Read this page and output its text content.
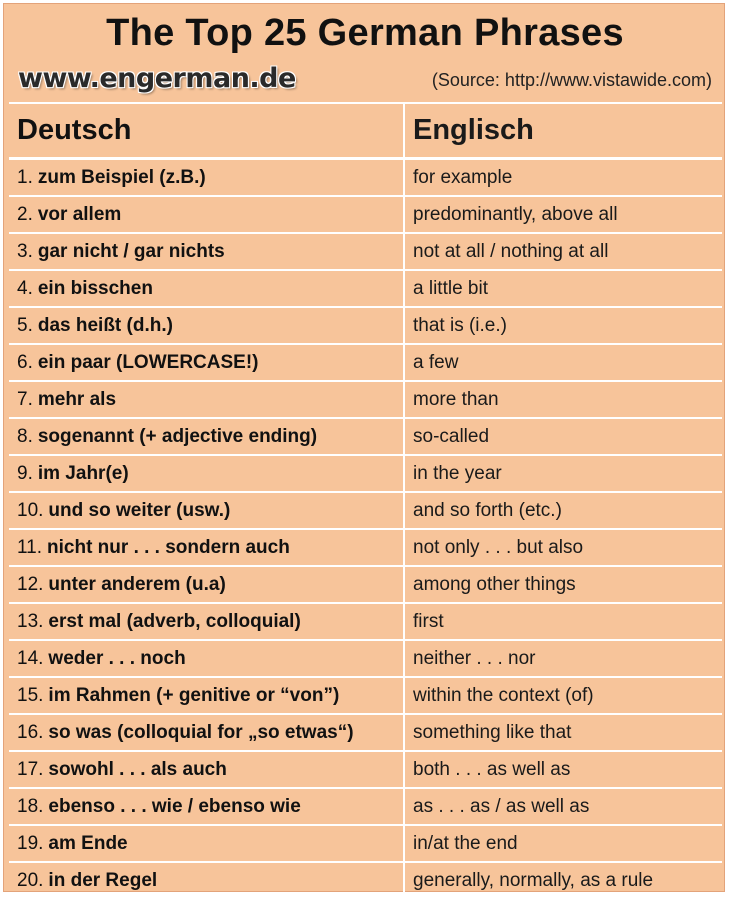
The Top 25 German Phrases
www.engerman.de	(Source: http://www.vistawide.com)
Deutsch	Englisch
1. zum Beispiel (z.B.)	for example
2. vor allem	predominantly, above all
3. gar nicht / gar nichts	not at all / nothing at all
4. ein bisschen	a little bit
5. das heißt (d.h.)	that is (i.e.)
6. ein paar (LOWERCASE!)	a few
7. mehr als	more than
8. sogenannt (+ adjective ending)	so-called
9. im Jahr(e)	in the year
10. und so weiter (usw.)	and so forth (etc.)
11. nicht nur . . . sondern auch	not only . . . but also
12. unter anderem (u.a)	among other things
13. erst mal (adverb, colloquial)	first
14. weder . . . noch	neither . . . nor
15. im Rahmen (+ genitive or “von”)	within the context (of)
16. so was (colloquial for „so etwas“)	something like that
17. sowohl . . . als auch	both . . . as well as
18. ebenso . . . wie / ebenso wie	as . . . as / as well as
19. am Ende	in/at the end
20. in der Regel	generally, normally, as a rule
